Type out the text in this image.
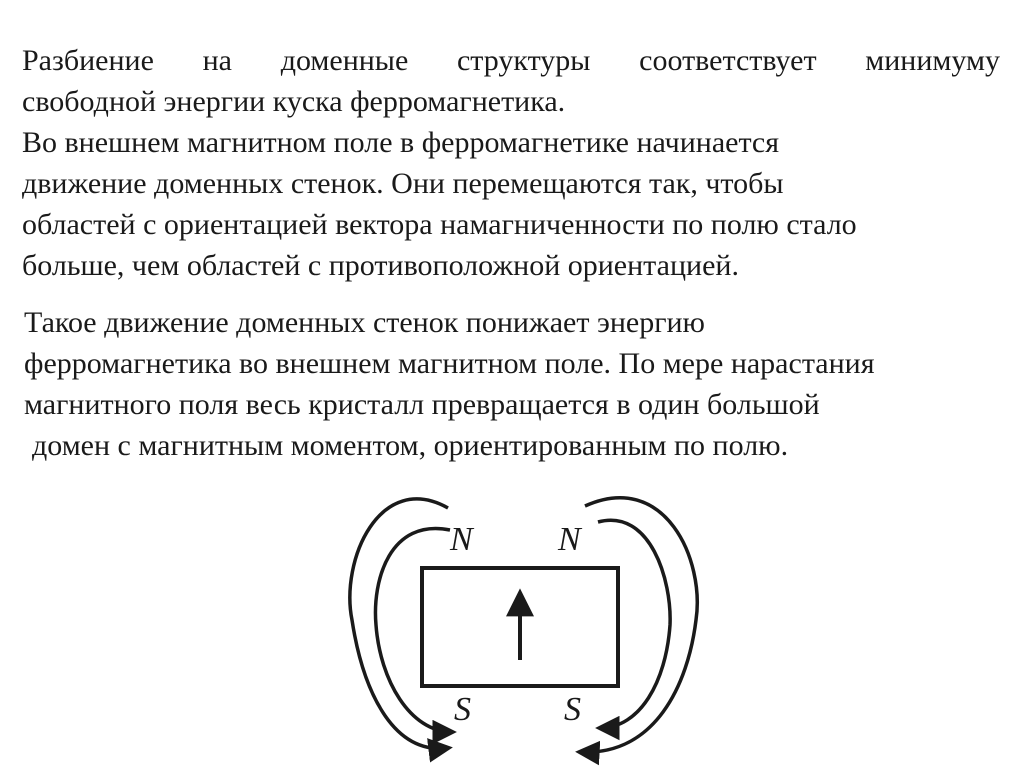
Разбиение на доменные структуры соответствует минимуму
свободной энергии куска ферромагнетика.
Во внешнем магнитном поле в ферромагнетике начинается
движение доменных стенок. Они перемещаются так, чтобы
областей с ориентацией вектора намагниченности по полю стало
больше, чем областей с противоположной ориентацией.

Такое движение доменных стенок понижает энергию
ферромагнетика во внешнем магнитном поле. По мере нарастания
магнитного поля весь кристалл превращается в один большой
домен с магнитным моментом, ориентированным по полю.

N	N
S	S
